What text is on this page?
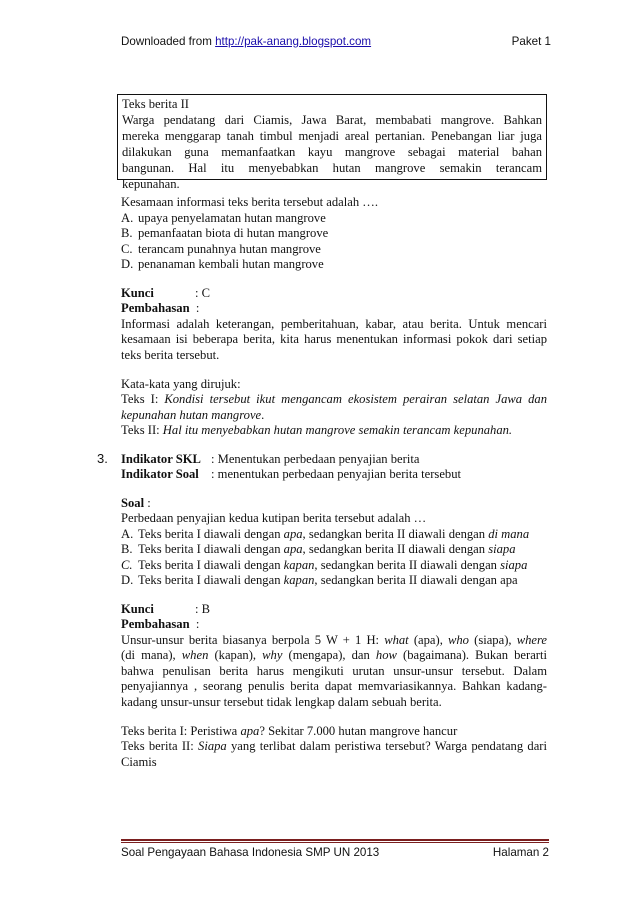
Downloaded from http://pak-anang.blogspot.com	Paket 1
Teks berita II
Warga pendatang dari Ciamis, Jawa Barat, membabati mangrove. Bahkan
mereka menggarap tanah timbul menjadi areal pertanian. Penebangan liar juga
dilakukan guna memanfaatkan kayu mangrove sebagai material bahan
bangunan. Hal itu menyebabkan hutan mangrove semakin terancam
kepunahan.
Kesamaan informasi teks berita tersebut adalah ….
A. upaya penyelamatan hutan mangrove
B. pemanfaatan biota di hutan mangrove
C. terancam punahnya hutan mangrove
D. penanaman kembali hutan mangrove
Kunci	: C
Pembahasan :
Informasi adalah keterangan, pemberitahuan, kabar, atau berita. Untuk mencari
kesamaan isi beberapa berita, kita harus menentukan informasi pokok dari setiap
teks berita tersebut.
Kata-kata yang dirujuk:
Teks I: Kondisi tersebut ikut mengancam ekosistem perairan selatan Jawa dan
kepunahan hutan mangrove.
Teks II: Hal itu menyebabkan hutan mangrove semakin terancam kepunahan.
3. Indikator SKL : Menentukan perbedaan penyajian berita
Indikator Soal : menentukan perbedaan penyajian berita tersebut
Soal :
Perbedaan penyajian kedua kutipan berita tersebut adalah …
A. Teks berita I diawali dengan apa, sedangkan berita II diawali dengan di mana
B. Teks berita I diawali dengan apa, sedangkan berita II diawali dengan siapa
C. Teks berita I diawali dengan kapan, sedangkan berita II diawali dengan siapa
D. Teks berita I diawali dengan kapan, sedangkan berita II diawali dengan apa
Kunci	: B
Pembahasan :
Unsur-unsur berita biasanya berpola 5 W + 1 H: what (apa), who (siapa), where
(di mana), when (kapan), why (mengapa), dan how (bagaimana). Bukan berarti
bahwa penulisan berita harus mengikuti urutan unsur-unsur tersebut. Dalam
penyajiannya , seorang penulis berita dapat memvariasikannya. Bahkan kadang-
kadang unsur-unsur tersebut tidak lengkap dalam sebuah berita.
Teks berita I: Peristiwa apa? Sekitar 7.000 hutan mangrove hancur
Teks berita II: Siapa yang terlibat dalam peristiwa tersebut? Warga pendatang dari
Ciamis
Soal Pengayaan Bahasa Indonesia SMP UN 2013	Halaman 2
